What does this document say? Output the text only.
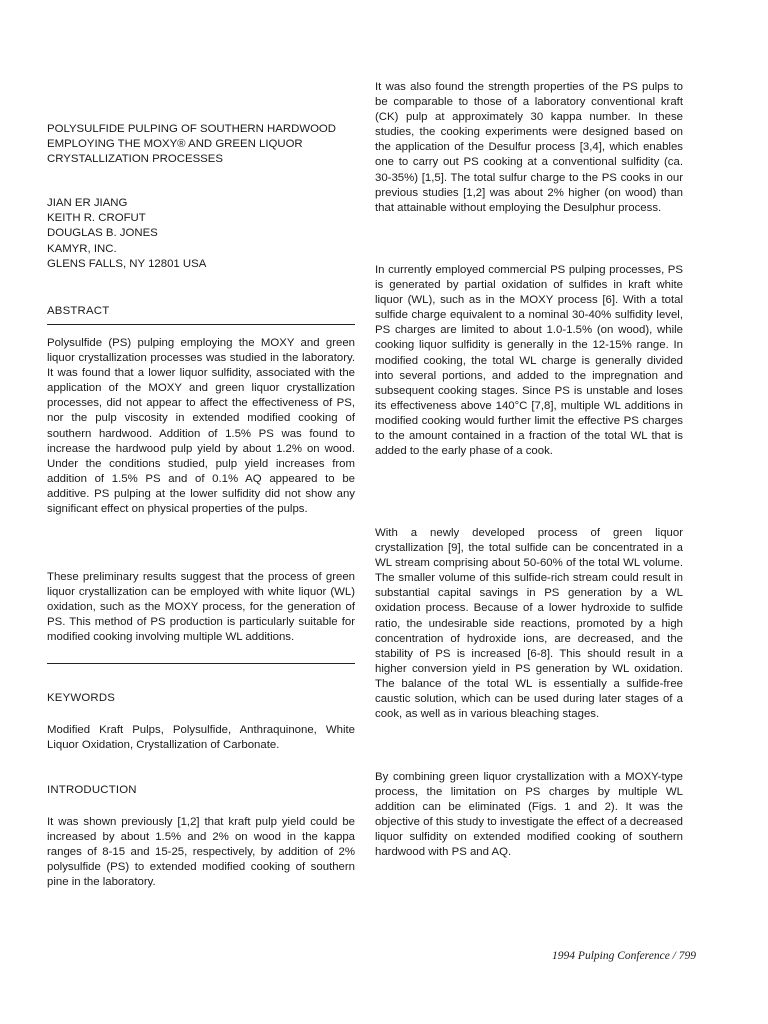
POLYSULFIDE PULPING OF SOUTHERN HARDWOOD EMPLOYING THE MOXY® AND GREEN LIQUOR CRYSTALLIZATION PROCESSES
JIAN ER JIANG
KEITH R. CROFUT
DOUGLAS B. JONES
KAMYR, INC.
GLENS FALLS, NY 12801 USA
ABSTRACT

Polysulfide (PS) pulping employing the MOXY and green liquor crystallization processes was studied in the laboratory. It was found that a lower liquor sulfidity, associated with the application of the MOXY and green liquor crystallization processes, did not appear to affect the effectiveness of PS, nor the pulp viscosity in extended modified cooking of southern hardwood. Addition of 1.5% PS was found to increase the hardwood pulp yield by about 1.2% on wood. Under the conditions studied, pulp yield increases from addition of 1.5% PS and of 0.1% AQ appeared to be additive. PS pulping at the lower sulfidity did not show any significant effect on physical properties of the pulps.

These preliminary results suggest that the process of green liquor crystallization can be employed with white liquor (WL) oxidation, such as the MOXY process, for the generation of PS. This method of PS production is particularly suitable for modified cooking involving multiple WL additions.

KEYWORDS

Modified Kraft Pulps, Polysulfide, Anthraquinone, White Liquor Oxidation, Crystallization of Carbonate.

INTRODUCTION

It was shown previously [1,2] that kraft pulp yield could be increased by about 1.5% and 2% on wood in the kappa ranges of 8-15 and 15-25, respectively, by addition of 2% polysulfide (PS) to extended modified cooking of southern pine in the laboratory.

It was also found the strength properties of the PS pulps to be comparable to those of a laboratory conventional kraft (CK) pulp at approximately 30 kappa number. In these studies, the cooking experiments were designed based on the application of the Desulfur process [3,4], which enables one to carry out PS cooking at a conventional sulfidity (ca. 30-35%) [1,5]. The total sulfur charge to the PS cooks in our previous studies [1,2] was about 2% higher (on wood) than that attainable without employing the Desulphur process.

In currently employed commercial PS pulping processes, PS is generated by partial oxidation of sulfides in kraft white liquor (WL), such as in the MOXY process [6]. With a total sulfide charge equivalent to a nominal 30-40% sulfidity level, PS charges are limited to about 1.0-1.5% (on wood), while cooking liquor sulfidity is generally in the 12-15% range. In modified cooking, the total WL charge is generally divided into several portions, and added to the impregnation and subsequent cooking stages. Since PS is unstable and loses its effectiveness above 140°C [7,8], multiple WL additions in modified cooking would further limit the effective PS charges to the amount contained in a fraction of the total WL that is added to the early phase of a cook.

With a newly developed process of green liquor crystallization [9], the total sulfide can be concentrated in a WL stream comprising about 50-60% of the total WL volume. The smaller volume of this sulfide-rich stream could result in substantial capital savings in PS generation by a WL oxidation process. Because of a lower hydroxide to sulfide ratio, the undesirable side reactions, promoted by a high concentration of hydroxide ions, are decreased, and the stability of PS is increased [6-8]. This should result in a higher conversion yield in PS generation by WL oxidation. The balance of the total WL is essentially a sulfide-free caustic solution, which can be used during later stages of a cook, as well as in various bleaching stages.

By combining green liquor crystallization with a MOXY-type process, the limitation on PS charges by multiple WL addition can be eliminated (Figs. 1 and 2). It was the objective of this study to investigate the effect of a decreased liquor sulfidity on extended modified cooking of southern hardwood with PS and AQ.

1994 Pulping Conference / 799
